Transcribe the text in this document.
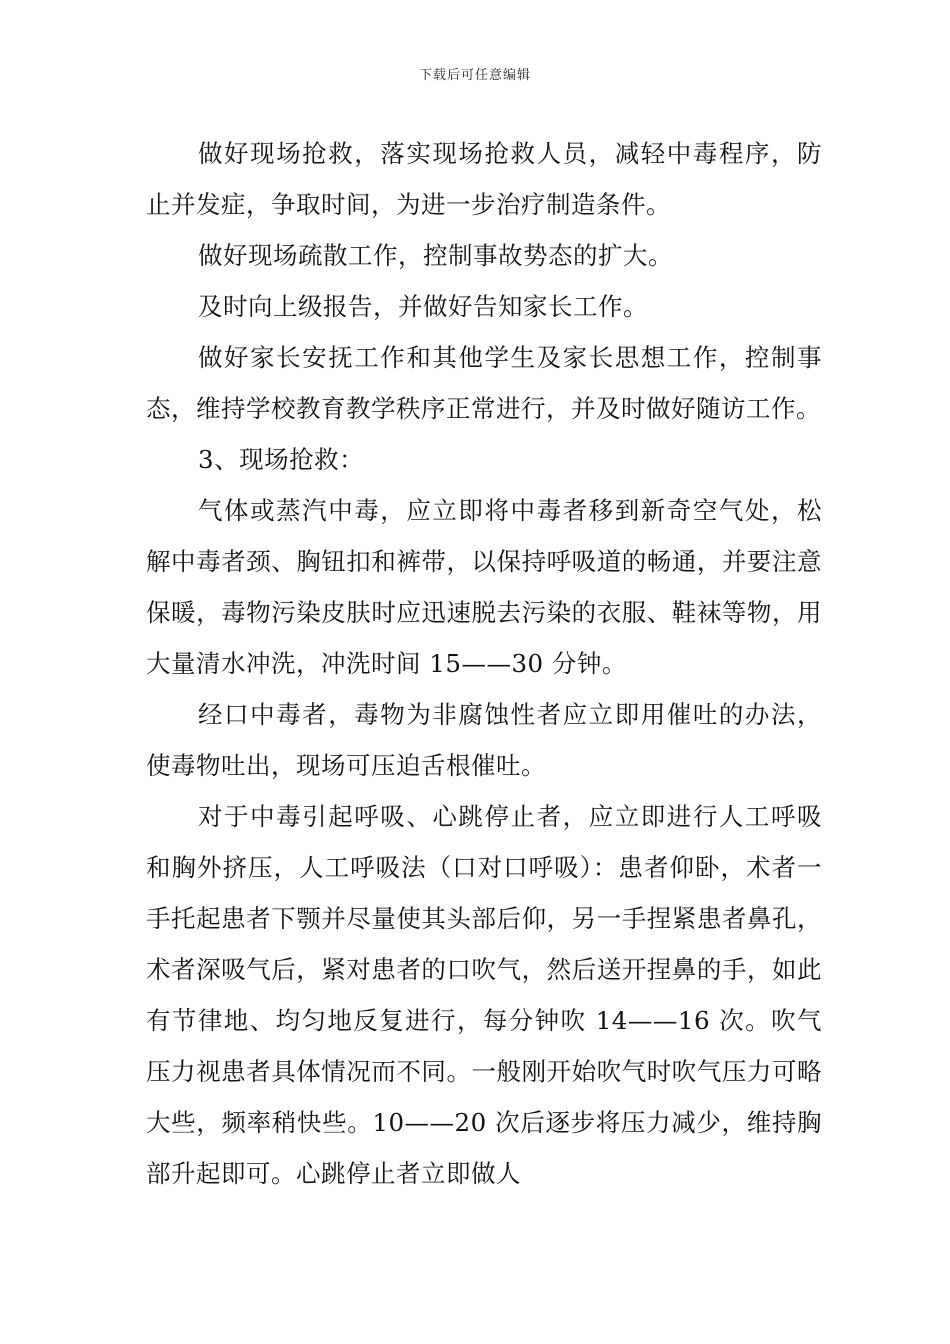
下载后可任意编辑

做好现场抢救，落实现场抢救人员，减轻中毒程序，防止并发症，争取时间，为进一步治疗制造条件。

做好现场疏散工作，控制事故势态的扩大。

及时向上级报告，并做好告知家长工作。

做好家长安抚工作和其他学生及家长思想工作，控制事态，维持学校教育教学秩序正常进行，并及时做好随访工作。

3、现场抢救：

气体或蒸汽中毒，应立即将中毒者移到新奇空气处，松解中毒者颈、胸钮扣和裤带，以保持呼吸道的畅通，并要注意保暖，毒物污染皮肤时应迅速脱去污染的衣服、鞋袜等物，用大量清水冲洗，冲洗时间 15——30 分钟。

经口中毒者，毒物为非腐蚀性者应立即用催吐的办法，使毒物吐出，现场可压迫舌根催吐。

对于中毒引起呼吸、心跳停止者，应立即进行人工呼吸和胸外挤压，人工呼吸法（口对口呼吸）：患者仰卧，术者一手托起患者下颚并尽量使其头部后仰，另一手捏紧患者鼻孔，术者深吸气后，紧对患者的口吹气，然后送开捏鼻的手，如此有节律地、均匀地反复进行，每分钟吹 14——16 次。吹气压力视患者具体情况而不同。一般刚开始吹气时吹气压力可略大些，频率稍快些。10——20 次后逐步将压力减少，维持胸部升起即可。心跳停止者立即做人
